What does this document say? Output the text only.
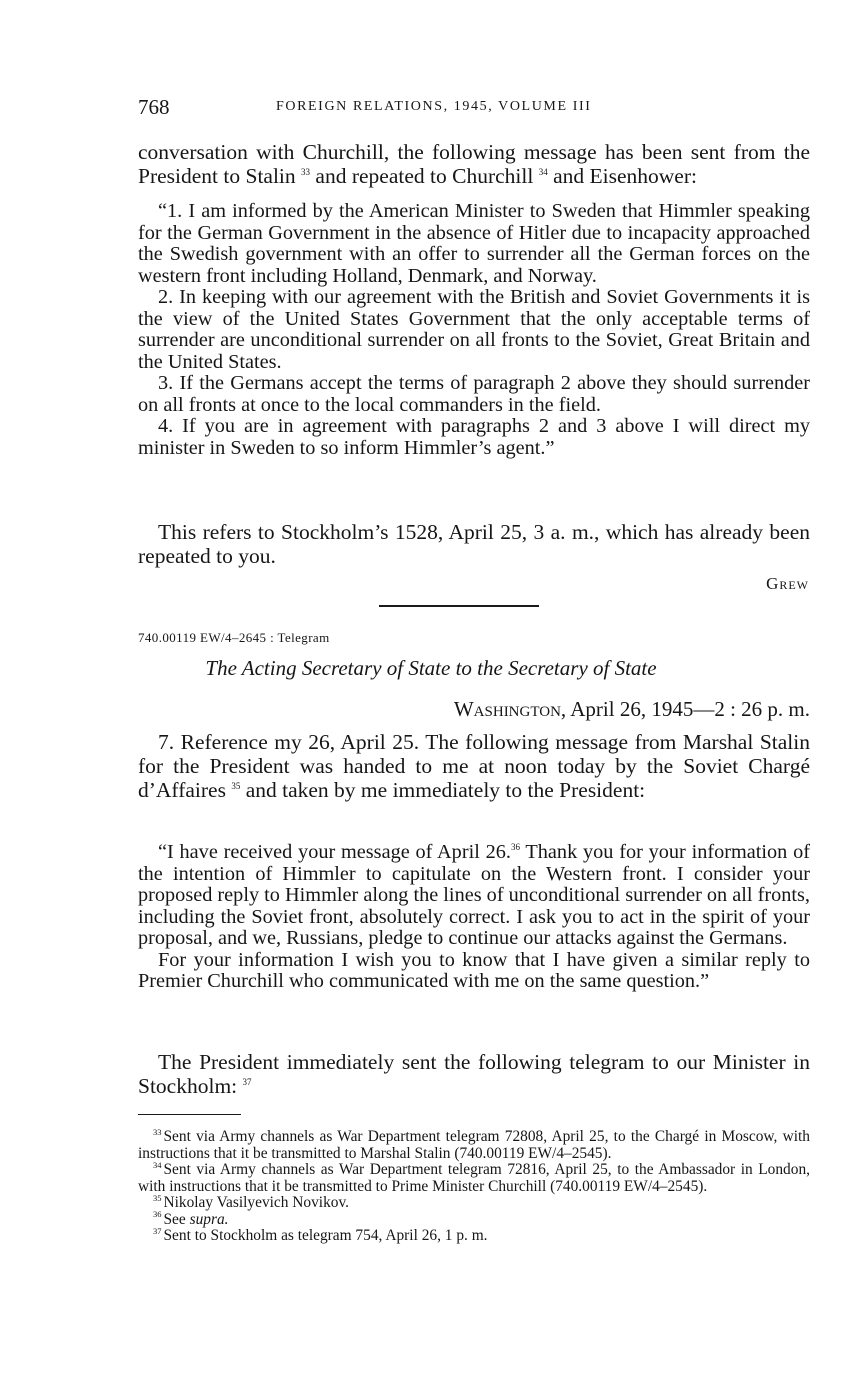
768	FOREIGN RELATIONS, 1945, VOLUME III

conversation with Churchill, the following message has been sent from the President to Stalin $^{33}$ and repeated to Churchill $^{34}$ and Eisenhower:

“1. I am informed by the American Minister to Sweden that Himmler speaking for the German Government in the absence of Hitler due to incapacity approached the Swedish government with an offer to surrender all the German forces on the western front including Holland, Denmark, and Norway.

2. In keeping with our agreement with the British and Soviet Governments it is the view of the United States Government that the only acceptable terms of surrender are unconditional surrender on all fronts to the Soviet, Great Britain and the United States.

3. If the Germans accept the terms of paragraph 2 above they should surrender on all fronts at once to the local commanders in the field.

4. If you are in agreement with paragraphs 2 and 3 above I will direct my minister in Sweden to so inform Himmler’s agent.”

This refers to Stockholm’s 1528, April 25, 3 a. m., which has already been repeated to you.

Grew
740.00119 EW/4–2645 : Telegram
The Acting Secretary of State to the Secretary of State
Washington, April 26, 1945—2 : 26 p. m.

7. Reference my 26, April 25. The following message from Marshal Stalin for the President was handed to me at noon today by the Soviet Chargé d’Affaires $^{35}$ and taken by me immediately to the President:

“I have received your message of April 26.36 Thank you for your information of the intention of Himmler to capitulate on the Western front. I consider your proposed reply to Himmler along the lines of unconditional surrender on all fronts, including the Soviet front, absolutely correct. I ask you to act in the spirit of your proposal, and we, Russians, pledge to continue our attacks against the Germans.

For your information I wish you to know that I have given a similar reply to Premier Churchill who communicated with me on the same question.”

The President immediately sent the following telegram to our Minister in Stockholm: $^{37}$

$^{33}$ Sent via Army channels as War Department telegram 72808, April 25, to the Chargé in Moscow, with instructions that it be transmitted to Marshal Stalin (740.00119 EW/4–2545).

$^{34}$ Sent via Army channels as War Department telegram 72816, April 25, to the Ambassador in London, with instructions that it be transmitted to Prime Minister Churchill (740.00119 EW/4–2545).

$^{35}$ Nikolay Vasilyevich Novikov.

$^{36}$ See supra.

$^{37}$ Sent to Stockholm as telegram 754, April 26, 1 p. m.
